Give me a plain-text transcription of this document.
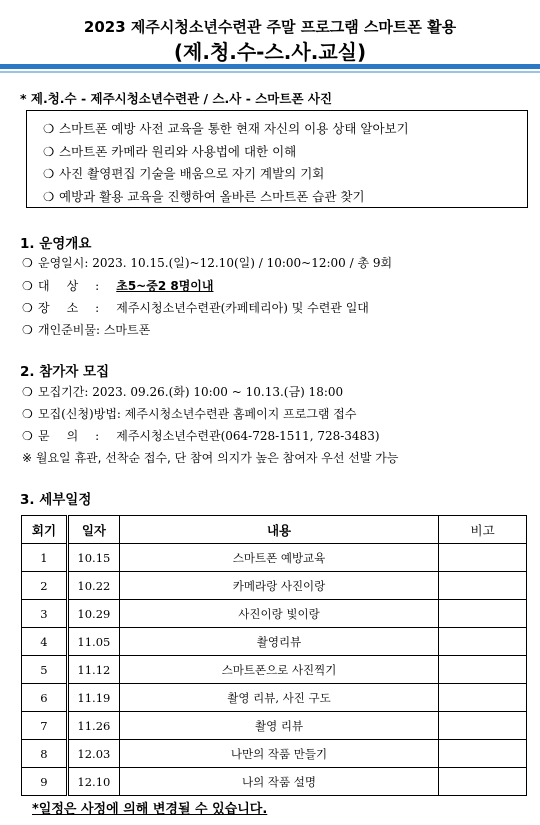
2023 제주시청소년수련관 주말 프로그램 스마트폰 활용
(제.청.수-스.사.교실)
* 제.청.수 - 제주시청소년수련관 / 스.사 - 스마트폰 사진
❍ 스마트폰 예방 사전 교육을 통한 현재 자신의 이용 상태 알아보기
❍ 스마트폰 카메라 원리와 사용법에 대한 이해
❍ 사진 촬영편집 기술을 배움으로 자기 계발의 기회
❍ 예방과 활용 교육을 진행하여 올바른 스마트폰 습관 찾기
1. 운영개요
❍ 운영일시: 2023. 10.15.(일)~12.10(일) / 10:00~12:00 / 총 9회
❍ 대상:초5~중2 8명이내
❍ 장소:제주시청소년수련관(카페테리아) 및 수련관 일대
❍ 개인준비물: 스마트폰
2. 참가자 모집
❍ 모집기간: 2023. 09.26.(화) 10:00 ~ 10.13.(금) 18:00
❍ 모집(신청)방법: 제주시청소년수련관 홈페이지 프로그램 접수
❍ 문의:제주시청소년수련관(064-728-1511, 728-3483)
※ 월요일 휴관, 선착순 접수, 단 참여 의지가 높은 참여자 우선 선발 가능
3. 세부일정
회기	일자	내용	비고
1	10.15	스마트폰 예방교육	
2	10.22	카메라랑 사진이랑	
3	10.29	사진이랑 빛이랑	
4	11.05	촬영리뷰	
5	11.12	스마트폰으로 사진찍기	
6	11.19	촬영 리뷰, 사진 구도	
7	11.26	촬영 리뷰	
8	12.03	나만의 작품 만들기	
9	12.10	나의 작품 설명	
*일정은 사정에 의해 변경될 수 있습니다.
